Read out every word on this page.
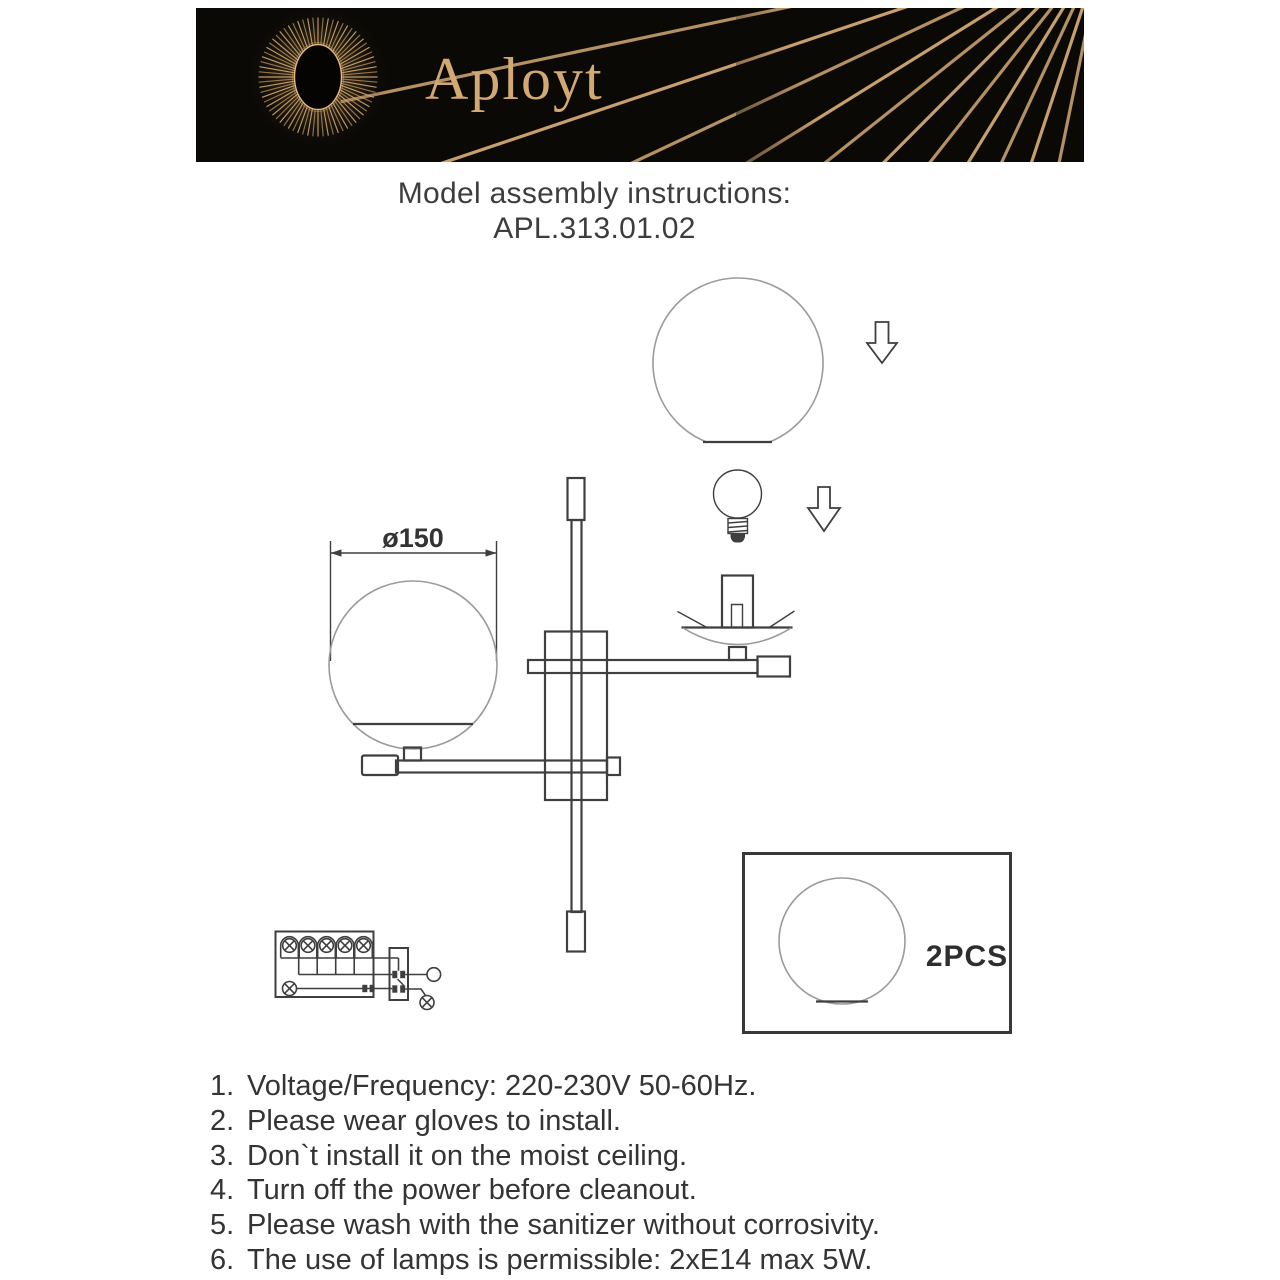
Aployt
Model assembly instructions:
APL.313.01.02
ø150
2PCS
1. Voltage/Frequency: 220-230V 50-60Hz.
2. Please wear gloves to install.
3. Don`t install it on the moist ceiling.
4. Turn off the power before cleanout.
5. Please wash with the sanitizer without corrosivity.
6. The use of lamps is permissible: 2xE14 max 5W.
